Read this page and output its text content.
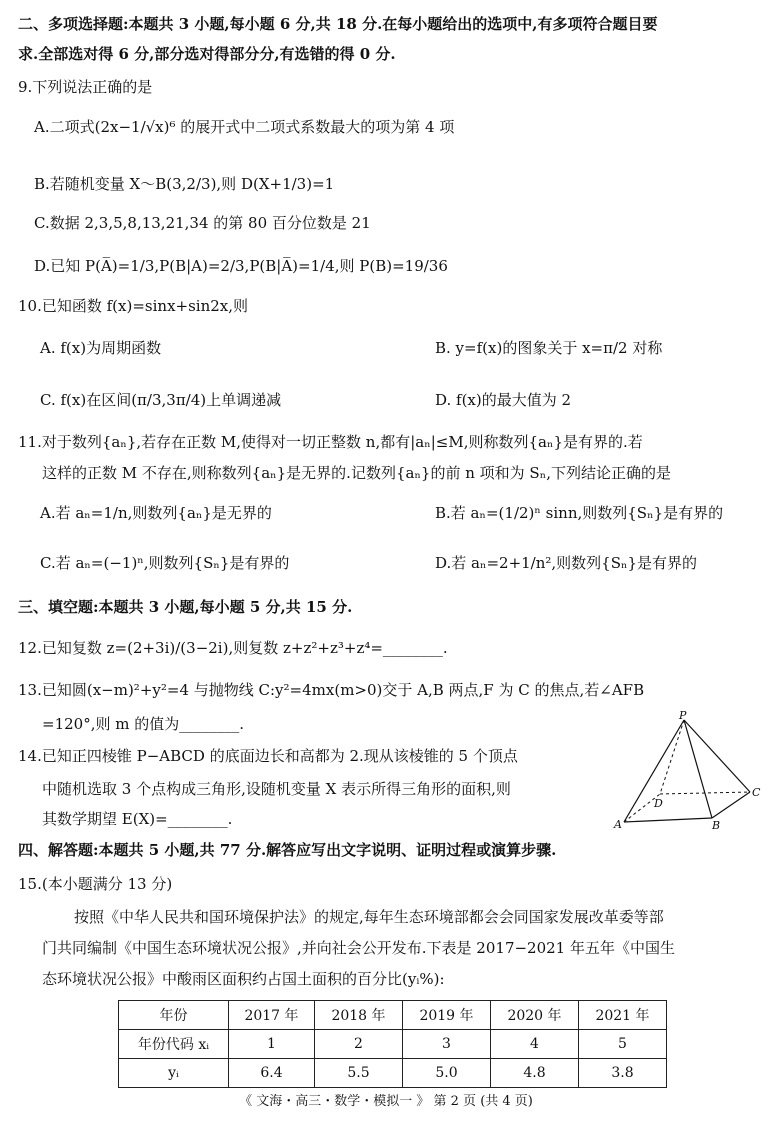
二、多项选择题:本题共 3 小题,每小题 6 分,共 18 分.在每小题给出的选项中,有多项符合题目要
求.全部选对得 6 分,部分选对得部分分,有选错的得 0 分.
9.下列说法正确的是
A.二项式(2x−1/√x)⁶ 的展开式中二项式系数最大的项为第 4 项
B.若随机变量 X～B(3,2/3),则 D(X+1/3)=1
C.数据 2,3,5,8,13,21,34 的第 80 百分位数是 21
D.已知 P(A̅)=1/3,P(B|A)=2/3,P(B|A̅)=1/4,则 P(B)=19/36
10.已知函数 f(x)=sinx+sin2x,则
11.对于数列{aₙ},若存在正数 M,使得对一切正整数 n,都有|aₙ|≤M,则称数列{aₙ}是有界的.若
这样的正数 M 不存在,则称数列{aₙ}是无界的.记数列{aₙ}的前 n 项和为 Sₙ,下列结论正确的是
三、填空题:本题共 3 小题,每小题 5 分,共 15 分.
12.已知复数 z=(2+3i)/(3−2i),则复数 z+z²+z³+z⁴=________.
13.已知圆(x−m)²+y²=4 与抛物线 C:y²=4mx(m>0)交于 A,B 两点,F 为 C 的焦点,若∠AFB
=120°,则 m 的值为________.
14.已知正四棱锥 P−ABCD 的底面边长和高都为 2.现从该棱锥的 5 个顶点
中随机选取 3 个点构成三角形,设随机变量 X 表示所得三角形的面积,则
其数学期望 E(X)=________.
四、解答题:本题共 5 小题,共 77 分.解答应写出文字说明、证明过程或演算步骤.
15.(本小题满分 13 分)
按照《中华人民共和国环境保护法》的规定,每年生态环境部都会会同国家发展改革委等部
门共同编制《中国生态环境状况公报》,并向社会公开发布.下表是 2017−2021 年五年《中国生
态环境状况公报》中酸雨区面积约占国土面积的百分比(yᵢ%):
A. f(x)为周期函数	B. y=f(x)的图象关于 x=π/2 对称
C. f(x)在区间(π/3,3π/4)上单调递减	D. f(x)的最大值为 2
A.若 aₙ=1/n,则数列{aₙ}是无界的	B.若 aₙ=(1/2)ⁿ sinn,则数列{Sₙ}是有界的
C.若 aₙ=(−1)ⁿ,则数列{Sₙ}是有界的	D.若 aₙ=2+1/n²,则数列{Sₙ}是有界的
年份	2017 年	2018 年	2019 年	2020 年	2021 年
年份代码 xᵢ	1	2	3	4	5
yᵢ	6.4	5.5	5.0	4.8	3.8
P
D
C
A	B
《 文海・高三・数学・模拟一 》 第 2 页 (共 4 页)
